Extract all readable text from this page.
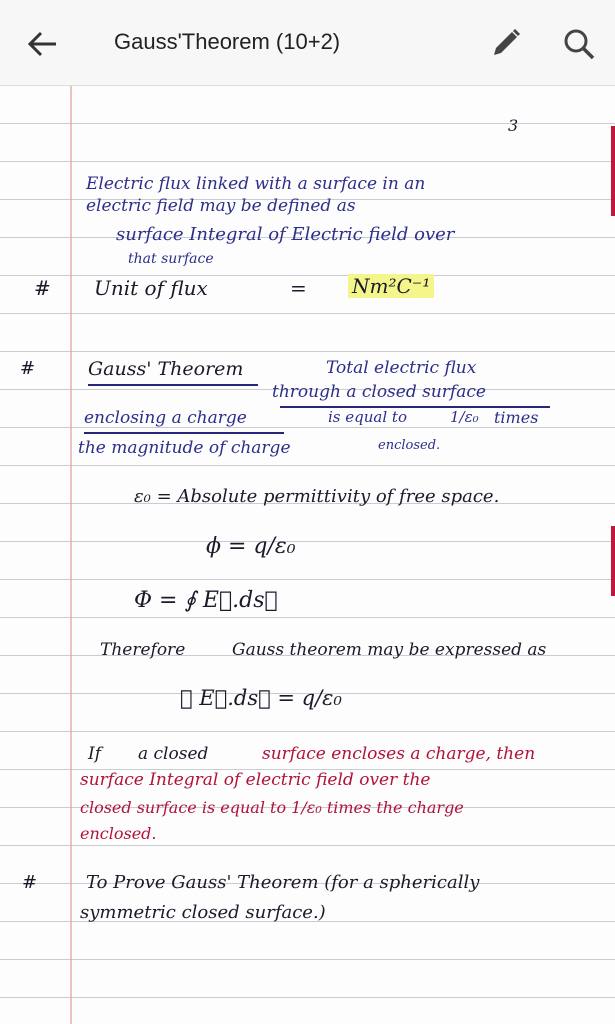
Gauss'Theorem (10+2)
3
Electric flux linked with a surface in an
electric field may be defined as
surface Integral of Electric field over
that surface
# Unit of flux	= Nm²C⁻¹
#	Gauss' Theorem	Total electric flux
through a closed surface
enclosing a charge	is equal to	1/ε₀ times
the magnitude of charge	enclosed.
ε₀ = Absolute permittivity of free space.
ϕ = q/ε₀
Φ = ∮ E⃗.ds⃗
Therefore	Gauss theorem may be expressed as
∮ E⃗.ds⃗ = q/ε₀
If a closed	surface encloses a charge, then
surface Integral of electric field over the
closed surface is equal to 1/ε₀ times the charge
enclosed.
#	To Prove Gauss' Theorem (for a spherically
symmetric closed surface.)
